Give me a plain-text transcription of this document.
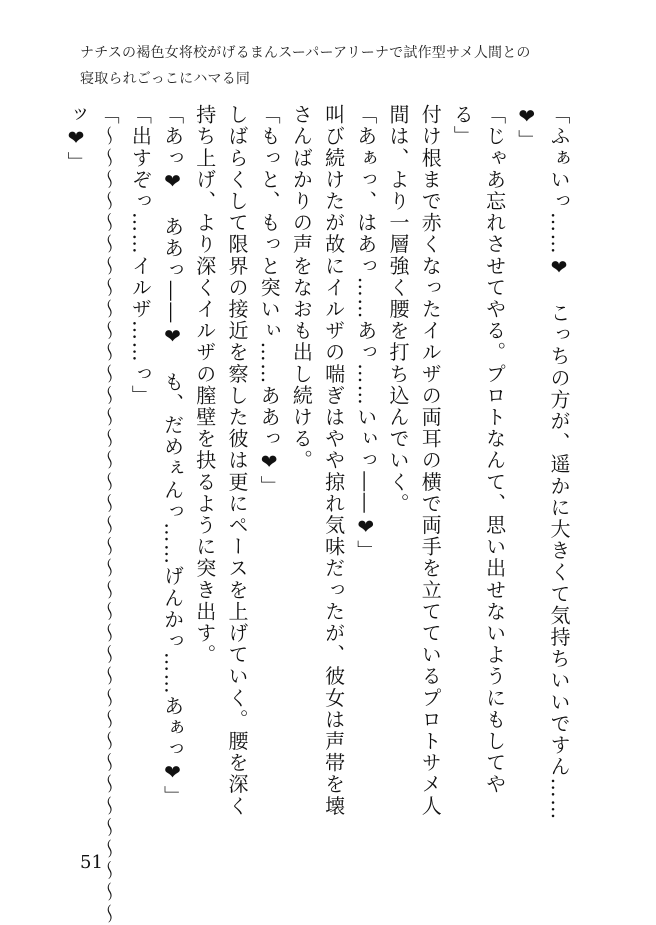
ナチスの褐色女将校がげるまんスーパーアリーナで試作型サメ人間との
寝取られごっこにハマる同

「ふぁいっ……❤　こっちの方が、遥かに大きくて気持ちいいですん……❤」

「じゃあ忘れさせてやる。プロトなんて、思い出せないようにもしてやる」

付け根まで赤くなったイルザの両耳の横で両手を立てているプロトサメ人間は、より一層強く腰を打ち込んでいく。

「あぁっ、はあっ……あっ……いぃっ――❤」

叫び続けたが故にイルザの喘ぎはやや掠れ気味だったが、彼女は声帯を壊さんばかりの声をなおも出し続ける。

「もっと、もっと突いぃ……ああっ❤」

しばらくして限界の接近を察した彼は更にペースを上げていく。腰を深く持ち上げ、より深くイルザの膣壁を抉るように突き出す。

「あっ❤　ああっ――❤　も、だめぇんっ……げんかっ……あぁっ❤」

「出すぞっ……イルザ……っ」

「〜〜〜〜〜〜〜〜〜〜〜〜〜〜〜〜〜〜〜〜〜〜〜〜〜〜〜〜〜〜〜〜〜〜〜〜〜ッ❤」

51
